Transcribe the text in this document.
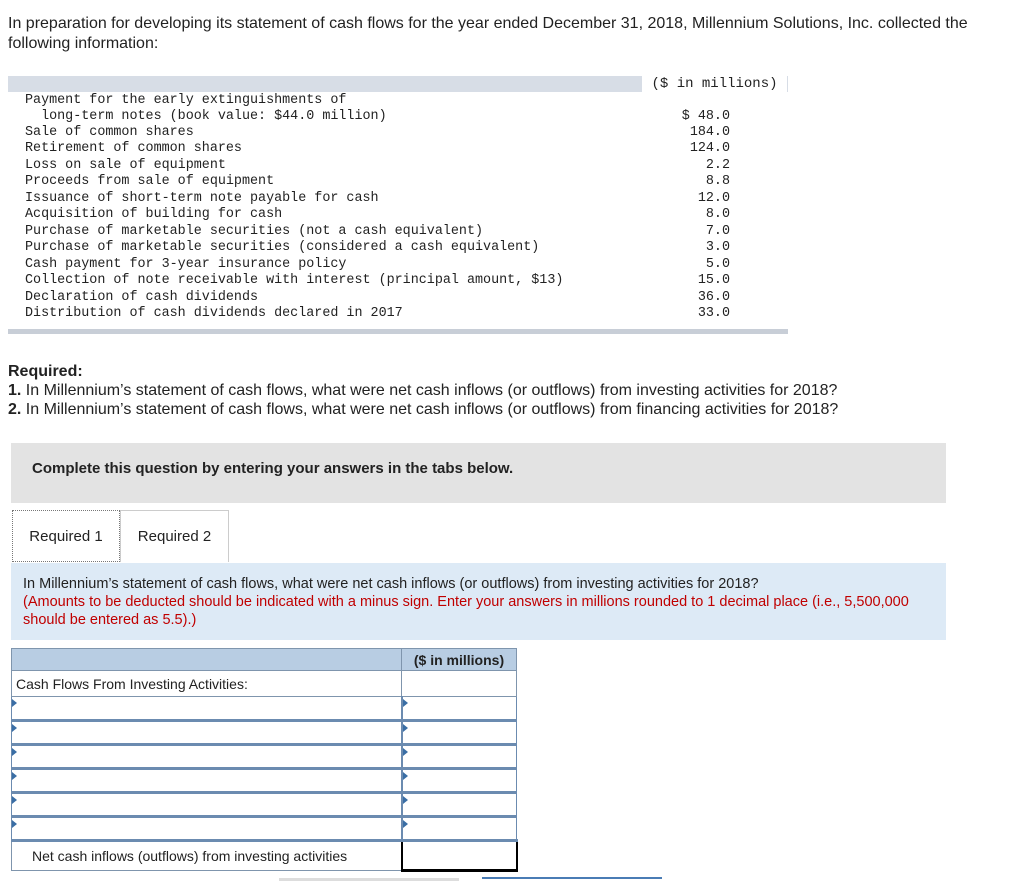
In preparation for developing its statement of cash flows for the year ended December 31, 2018, Millennium Solutions, Inc. collected the following information:
($ in millions)
Payment for the early extinguishments of
long-term notes (book value: $44.0 million)	$ 48.0
Sale of common shares	184.0
Retirement of common shares	124.0
Loss on sale of equipment	2.2
Proceeds from sale of equipment	8.8
Issuance of short-term note payable for cash	12.0
Acquisition of building for cash	8.0
Purchase of marketable securities (not a cash equivalent)	7.0
Purchase of marketable securities (considered a cash equivalent)	3.0
Cash payment for 3-year insurance policy	5.0
Collection of note receivable with interest (principal amount, $13)	15.0
Declaration of cash dividends	36.0
Distribution of cash dividends declared in 2017	33.0
Required:
1. In Millennium’s statement of cash flows, what were net cash inflows (or outflows) from investing activities for 2018?
2. In Millennium’s statement of cash flows, what were net cash inflows (or outflows) from financing activities for 2018?
Complete this question by entering your answers in the tabs below.
Required 1	Required 2
In Millennium’s statement of cash flows, what were net cash inflows (or outflows) from investing activities for 2018?
(Amounts to be deducted should be indicated with a minus sign. Enter your answers in millions rounded to 1 decimal place (i.e., 5,500,000 should be entered as 5.5).)
	($ in millions)
Cash Flows From Investing Activities:	

Net cash inflows (outflows) from investing activities	
